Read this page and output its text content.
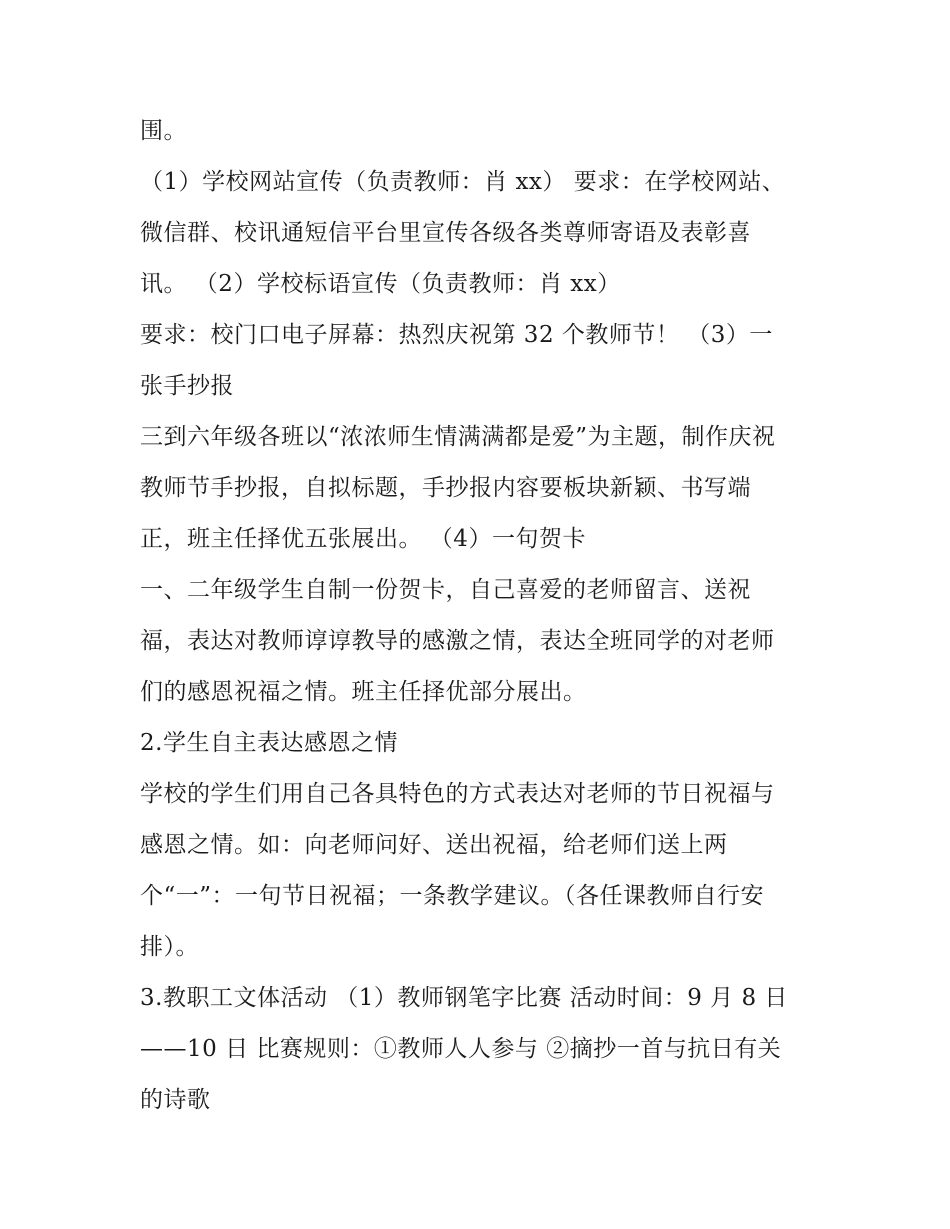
围。
（1）学校网站宣传（负责教师：肖 xx） 要求：在学校网站、
微信群、校讯通短信平台里宣传各级各类尊师寄语及表彰喜
讯。 （2）学校标语宣传（负责教师：肖 xx）
要求：校门口电子屏幕：热烈庆祝第 32 个教师节！ （3）一
张手抄报
三到六年级各班以“浓浓师生情满满都是爱”为主题，制作庆祝
教师节手抄报，自拟标题，手抄报内容要板块新颖、书写端
正，班主任择优五张展出。 （4）一句贺卡
一、二年级学生自制一份贺卡，自己喜爱的老师留言、送祝
福，表达对教师谆谆教导的感激之情，表达全班同学的对老师
们的感恩祝福之情。班主任择优部分展出。
2.学生自主表达感恩之情
学校的学生们用自己各具特色的方式表达对老师的节日祝福与
感恩之情。如：向老师问好、送出祝福，给老师们送上两
个“一”：一句节日祝福；一条教学建议。（各任课教师自行安
排）。
3.教职工文体活动 （1）教师钢笔字比赛 活动时间：9 月 8 日
——10 日 比赛规则：①教师人人参与 ②摘抄一首与抗日有关
的诗歌
